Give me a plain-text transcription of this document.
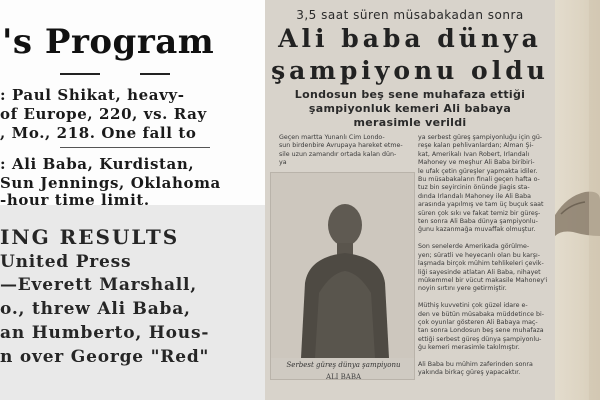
's Program
: Paul Shikat, heavy-
of Europe, 220, vs. Ray
, Mo., 218. One fall to
: Ali Baba, Kurdistan,
Sun Jennings, Oklahoma
-hour time limit.
ING RESULTS
United Press
—Everett Marshall,
o., threw Ali Baba,
an Humberto, Hous-
n over George "Red"
3,5 saat süren müsabakadan sonra
Ali baba dünya
şampiyonu oldu
Londosun beş sene muhafaza ettiği
şampiyonluk kemeri Ali babaya
merasimle verildi

Geçen martta Yunanlı Cim Londo-

sun birdenbire Avrupaya hareket etme-

sile uzun zamandır ortada kalan dün-

ya

Serbest güreş dünya şampiyonu
ALI BABA

ya serbest güreş şampiyonluğu için gü-

reşe kalan pehlivanlardan; Alman Şi-

kat, Amerikalı İvan Robert, İrlandalı

Mahoney ve meşhur Ali Baba biribiri-

le ufak çetin güreşler yapmakta idiler.

Bu müsabakaların finali geçen hafta o-

tuz bin seyircinin önünde Jiagis sta-

dında İrlandalı Mahoney ile Ali Baba

arasında yapılmış ve tam üç buçuk saat

süren çok sıkı ve fakat temiz bir güreş-

ten sonra Ali Baba dünya şampiyonlu-

ğunu kazanmağa muvaffak olmuştur.

Son senelerde Amerikada görülme-

yen; süratli ve heyecanlı olan bu karşı-

laşmada birçok mühim tehlikeleri çevik-

liği sayesinde atlatan Ali Baba, nihayet

mükemmel bir vücut makasile Mahoney'i

noyin sırtını yere getirmiştir.

Müthiş kuvvetini çok güzel idare e-

den ve bütün müsabaka müddetince bi-

çok oyunlar gösteren Ali Babaya maç-

tan sonra Londosun beş sene muhafaza

ettiği serbest güreş dünya şampiyonlu-

ğu kemeri merasimle takılmıştır.

Ali Baba bu mühim zaferinden sonra

yakında birkaç güreş yapacaktır.
